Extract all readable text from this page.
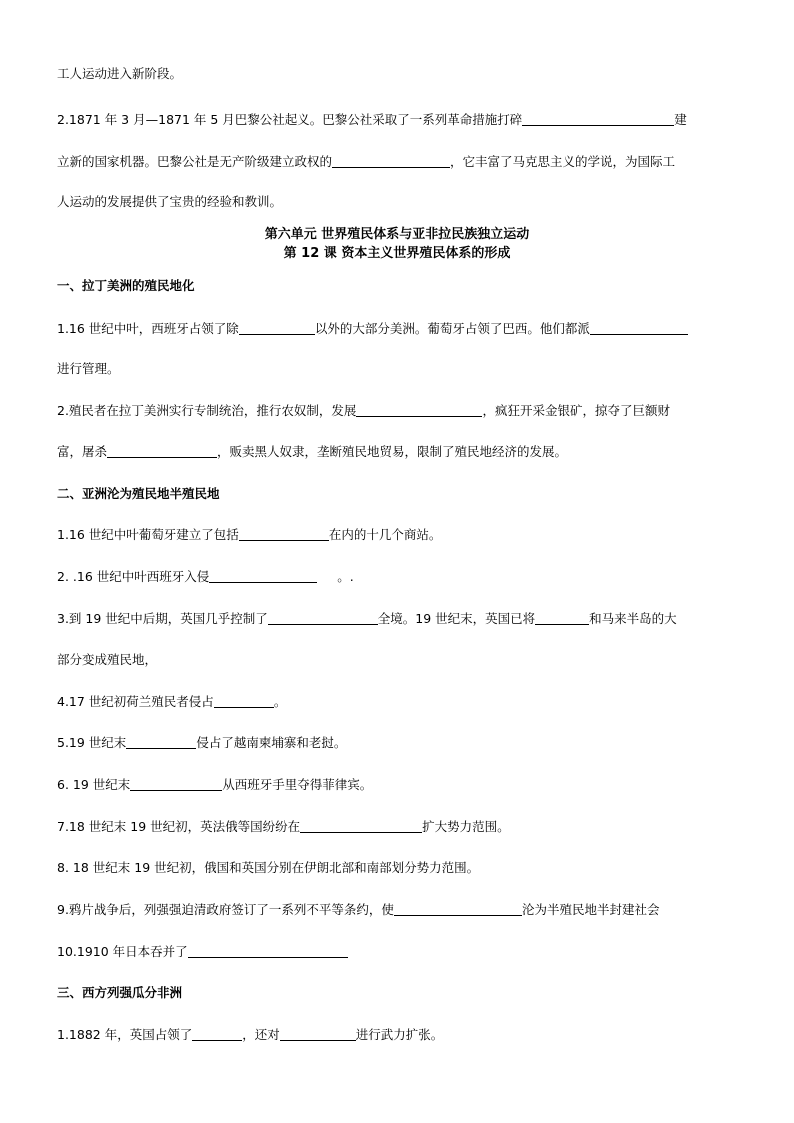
工人运动进入新阶段。
2.1871 年 3 月—1871 年 5 月巴黎公社起义。巴黎公社采取了一系列革命措施打碎	建
立新的国家机器。巴黎公社是无产阶级建立政权的	，它丰富了马克思主义的学说，为国际工
人运动的发展提供了宝贵的经验和教训。
第六单元 世界殖民体系与亚非拉民族独立运动
第 12 课 资本主义世界殖民体系的形成
一、拉丁美洲的殖民地化
1.16 世纪中叶，西班牙占领了除	以外的大部分美洲。葡萄牙占领了巴西。他们都派
进行管理。
2.殖民者在拉丁美洲实行专制统治，推行农奴制，发展	，疯狂开采金银矿，掠夺了巨额财
富，屠杀	，贩卖黑人奴隶，垄断殖民地贸易，限制了殖民地经济的发展。
二、亚洲沦为殖民地半殖民地
1.16 世纪中叶葡萄牙建立了包括	在内的十几个商站。
2. .16 世纪中叶西班牙入侵	。.
3.到 19 世纪中后期，英国几乎控制了	全境。19 世纪末，英国已将	和马来半岛的大
部分变成殖民地，
4.17 世纪初荷兰殖民者侵占	。
5.19 世纪末	侵占了越南柬埔寨和老挝。
6. 19 世纪末	从西班牙手里夺得菲律宾。
7.18 世纪末 19 世纪初，英法俄等国纷纷在	扩大势力范围。
8. 18 世纪末 19 世纪初，俄国和英国分别在伊朗北部和南部划分势力范围。
9.鸦片战争后，列强强迫清政府签订了一系列不平等条约，使	沦为半殖民地半封建社会
10.1910 年日本吞并了
三、西方列强瓜分非洲
1.1882 年，英国占领了	，还对	进行武力扩张。
